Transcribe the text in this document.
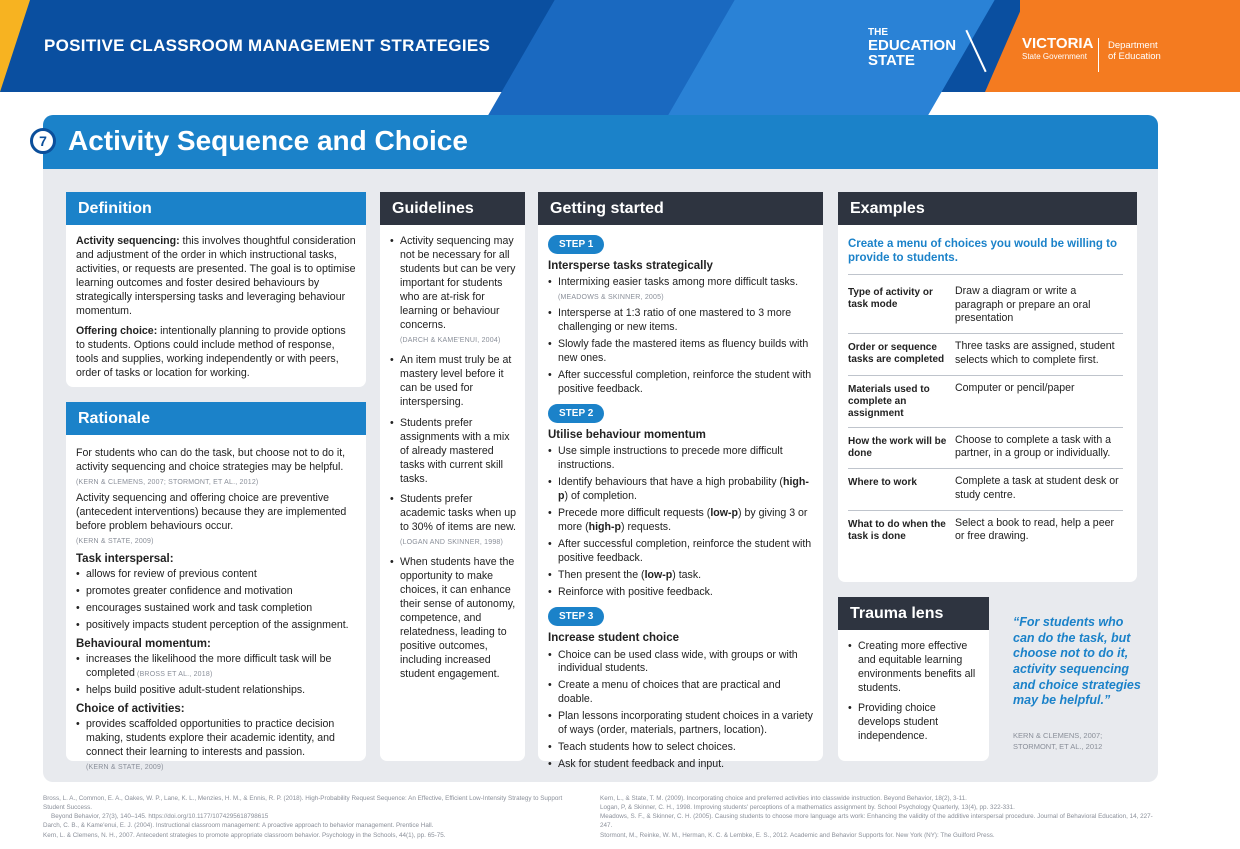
POSITIVE CLASSROOM MANAGEMENT STRATEGIES
THE
EDUCATION
STATE
VICTORIA
State Government
Department
of Education
7 Activity Sequence and Choice
Definition

Activity sequencing: this involves thoughtful consideration and adjustment of the order in which instructional tasks, activities, or requests are presented. The goal is to optimise learning outcomes and foster desired behaviours by strategically interspersing tasks and leveraging behaviour momentum.

Offering choice: intentionally planning to provide options to students. Options could include method of response, tools and supplies, working independently or with peers, order of tasks or location for working.

Rationale

For students who can do the task, but choose not to do it, activity sequencing and choice strategies may be helpful. (KERN & CLEMENS, 2007; STORMONT, ET AL., 2012)

Activity sequencing and offering choice are preventive (antecedent interventions) because they are implemented before problem behaviours occur.
(KERN & STATE, 2009)

Task interspersal:
• allows for review of previous content
• promotes greater confidence and motivation
• encourages sustained work and task completion
• positively impacts student perception of the assignment.
Behavioural momentum:
• increases the likelihood the more difficult task will be completed (BROSS ET AL., 2018)
• helps build positive adult-student relationships.
Choice of activities:
• provides scaffolded opportunities to practice decision making, students explore their academic identity, and connect their learning to interests and passion.
(KERN & STATE, 2009)
Guidelines
• Activity sequencing may not be necessary for all students but can be very important for students who are at-risk for learning or behaviour concerns.
(DARCH & KAME'ENUI, 2004)
• An item must truly be at mastery level before it can be used for interspersing.
• Students prefer assignments with a mix of already mastered tasks with current skill tasks.
• Students prefer academic tasks when up to 30% of items are new.
(LOGAN AND SKINNER, 1998)
• When students have the opportunity to make choices, it can enhance their sense of autonomy, competence, and relatedness, leading to positive outcomes, including increased student engagement.
Getting started
STEP 1
Intersperse tasks strategically
• Intermixing easier tasks among more difficult tasks.
(MEADOWS & SKINNER, 2005)
• Intersperse at 1:3 ratio of one mastered to 3 more challenging or new items.
• Slowly fade the mastered items as fluency builds with new ones.
• After successful completion, reinforce the student with positive feedback.
STEP 2
Utilise behaviour momentum
• Use simple instructions to precede more difficult instructions.
• Identify behaviours that have a high probability (high-p) of completion.
• Precede more difficult requests (low-p) by giving 3 or more (high-p) requests.
• After successful completion, reinforce the student with positive feedback.
• Then present the (low-p) task.
• Reinforce with positive feedback.
STEP 3
Increase student choice
• Choice can be used class wide, with groups or with individual students.
• Create a menu of choices that are practical and doable.
• Plan lessons incorporating student choices in a variety of ways (order, materials, partners, location).
• Teach students how to select choices.
• Ask for student feedback and input.
Examples
Create a menu of choices you would be willing to provide to students.
Type of activity or task mode
Draw a diagram or write a paragraph or prepare an oral presentation
Order or sequence tasks are completed
Three tasks are assigned, student selects which to complete first.
Materials used to complete an assignment
Computer or pencil/paper
How the work will be done
Choose to complete a task with a partner, in a group or individually.
Where to work	Complete a task at student desk or study centre.
What to do when the task is done
Select a book to read, help a peer or free drawing.
Trauma lens
• Creating more effective and equitable learning environments benefits all students.
• Providing choice develops student independence.
“For students who can do the task, but choose not to do it, activity sequencing and choice strategies may be helpful.”
KERN & CLEMENS, 2007;
STORMONT, ET AL., 2012
Bross, L. A., Common, E. A., Oakes, W. P., Lane, K. L., Menzies, H. M., & Ennis, R. P. (2018). High-Probability Request Sequence: An Effective, Efficient Low-Intensity Strategy to Support Student Success.
Beyond Behavior, 27(3), 140–145. https://doi.org/10.1177/1074295618798615
Darch, C. B., & Kame'enui, E. J. (2004). Instructional classroom management: A proactive approach to behavior management. Prentice Hall.
Kern, L. & Clemens, N. H., 2007. Antecedent strategies to promote appropriate classroom behavior. Psychology in the Schools, 44(1), pp. 65-75.
Kern, L., & State, T. M. (2009). Incorporating choice and preferred activities into classwide instruction. Beyond Behavior, 18(2), 3-11.
Logan, P, & Skinner, C. H., 1998. Improving students' perceptions of a mathematics assignment by. School Psychology Quarterly, 13(4), pp. 322-331.
Meadows, S. F., & Skinner, C. H. (2005). Causing students to choose more language arts work: Enhancing the validity of the additive interspersal procedure. Journal of Behavioral Education, 14, 227-247.
Stormont, M., Reinke, W. M., Herman, K. C. & Lembke, E. S., 2012. Academic and Behavior Supports for. New York (NY): The Guilford Press.
